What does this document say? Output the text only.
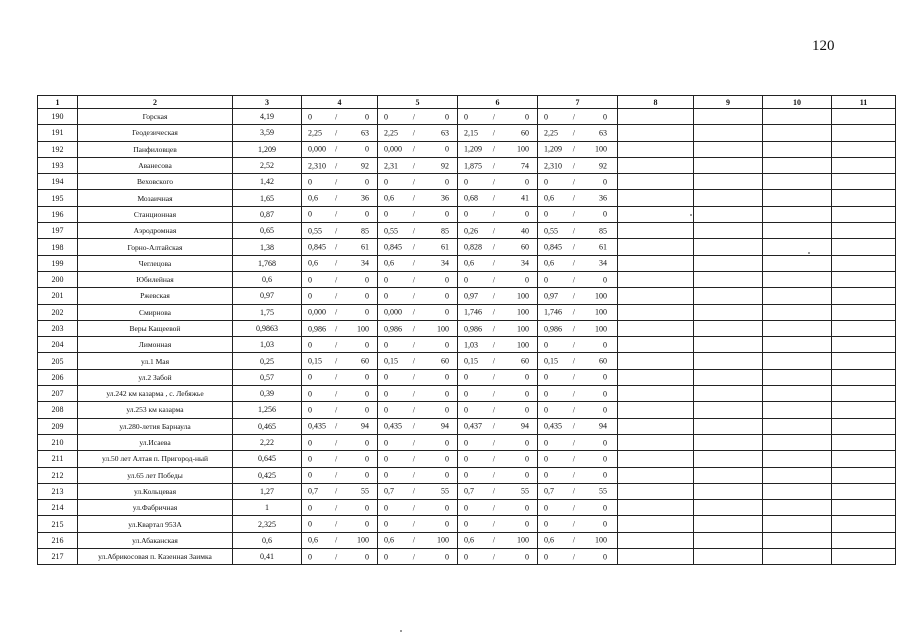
120
1	2	3	4	5	6	7	8	9	10	11
190	Горская	4,19	0 / 0	0 / 0	0 / 0	0 / 0				

191	Геодезическая	3,59	2,25 / 63	2,25 / 63	2,15 / 60	2,25 / 63				

192	Панфиловцев	1,209	0,000 / 0	0,000 / 0	1,209 / 100	1,209 / 100				

193	Аванесова	2,52	2,310 / 92	2,31 / 92	1,875 / 74	2,310 / 92				

194	Веховского	1,42	0 / 0	0 / 0	0 / 0	0 / 0				

195	Мозаичная	1,65	0,6 / 36	0,6 / 36	0,68 / 41	0,6 / 36				

196	Станционная	0,87	0 / 0	0 / 0	0 / 0	0 / 0				

197	Аэродромная	0,65	0,55 / 85	0,55 / 85	0,26 / 40	0,55 / 85				

198	Горно-Алтайская	1,38	0,845 / 61	0,845 / 61	0,828 / 60	0,845 / 61				

199	Чеглецова	1,768	0,6 / 34	0,6 / 34	0,6 / 34	0,6 / 34				

200	Юбилейная	0,6	0 / 0	0 / 0	0 / 0	0 / 0				

201	Ржевская	0,97	0 / 0	0 / 0	0,97 / 100	0,97 / 100				

202	Смирнова	1,75	0,000 / 0	0,000 / 0	1,746 / 100	1,746 / 100				

203	Веры Кащеевой	0,9863	0,986 / 100	0,986 / 100	0,986 / 100	0,986 / 100				

204	Лимонная	1,03	0 / 0	0 / 0	1,03 / 100	0 / 0				

205	ул.1 Мая	0,25	0,15 / 60	0,15 / 60	0,15 / 60	0,15 / 60				

206	ул.2 Забой	0,57	0 / 0	0 / 0	0 / 0	0 / 0				

207	ул.242 км казарма , с. Лебяжье	0,39	0 / 0	0 / 0	0 / 0	0 / 0				

208	ул.253 км казарма	1,256	0 / 0	0 / 0	0 / 0	0 / 0				

209	ул.280-летия Барнаула	0,465	0,435 / 94	0,435 / 94	0,437 / 94	0,435 / 94				

210	ул.Исаева	2,22	0 / 0	0 / 0	0 / 0	0 / 0				

211	ул.50 лет Алтая п. Пригород-ный	0,645	0 / 0	0 / 0	0 / 0	0 / 0				

212	ул.65 лет Победы	0,425	0 / 0	0 / 0	0 / 0	0 / 0				

213	ул.Кольцевая	1,27	0,7 / 55	0,7 / 55	0,7 / 55	0,7 / 55				

214	ул.Фабричная	1	0 / 0	0 / 0	0 / 0	0 / 0				

215	ул.Квартал 953А	2,325	0 / 0	0 / 0	0 / 0	0 / 0				

216	ул.Абаканская	0,6	0,6 / 100	0,6 / 100	0,6 / 100	0,6 / 100				

217	ул.Абрикосовая п. Казенная Заимка	0,41	0 / 0	0 / 0	0 / 0	0 / 0				
